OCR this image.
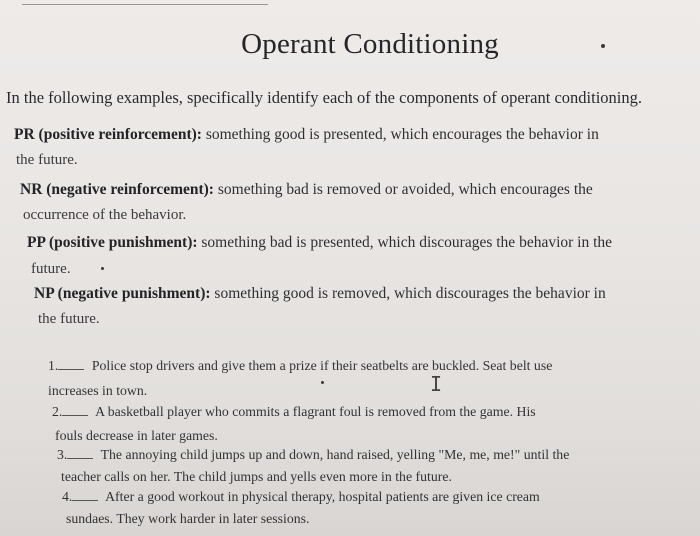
Operant Conditioning
In the following examples, specifically identify each of the components of operant conditioning.
PR (positive reinforcement): something good is presented, which encourages the behavior in
the future.
NR (negative reinforcement): something bad is removed or avoided, which encourages the
occurrence of the behavior.
PP (positive punishment): something bad is presented, which discourages the behavior in the
future.
NP (negative punishment): something good is removed, which discourages the behavior in
the future.
1. Police stop drivers and give them a prize if their seatbelts are buckled. Seat belt use
increases in town.	I
2. A basketball player who commits a flagrant foul is removed from the game. His
fouls decrease in later games.
3. The annoying child jumps up and down, hand raised, yelling "Me, me, me!" until the
teacher calls on her. The child jumps and yells even more in the future.
4. After a good workout in physical therapy, hospital patients are given ice cream
sundaes. They work harder in later sessions.
